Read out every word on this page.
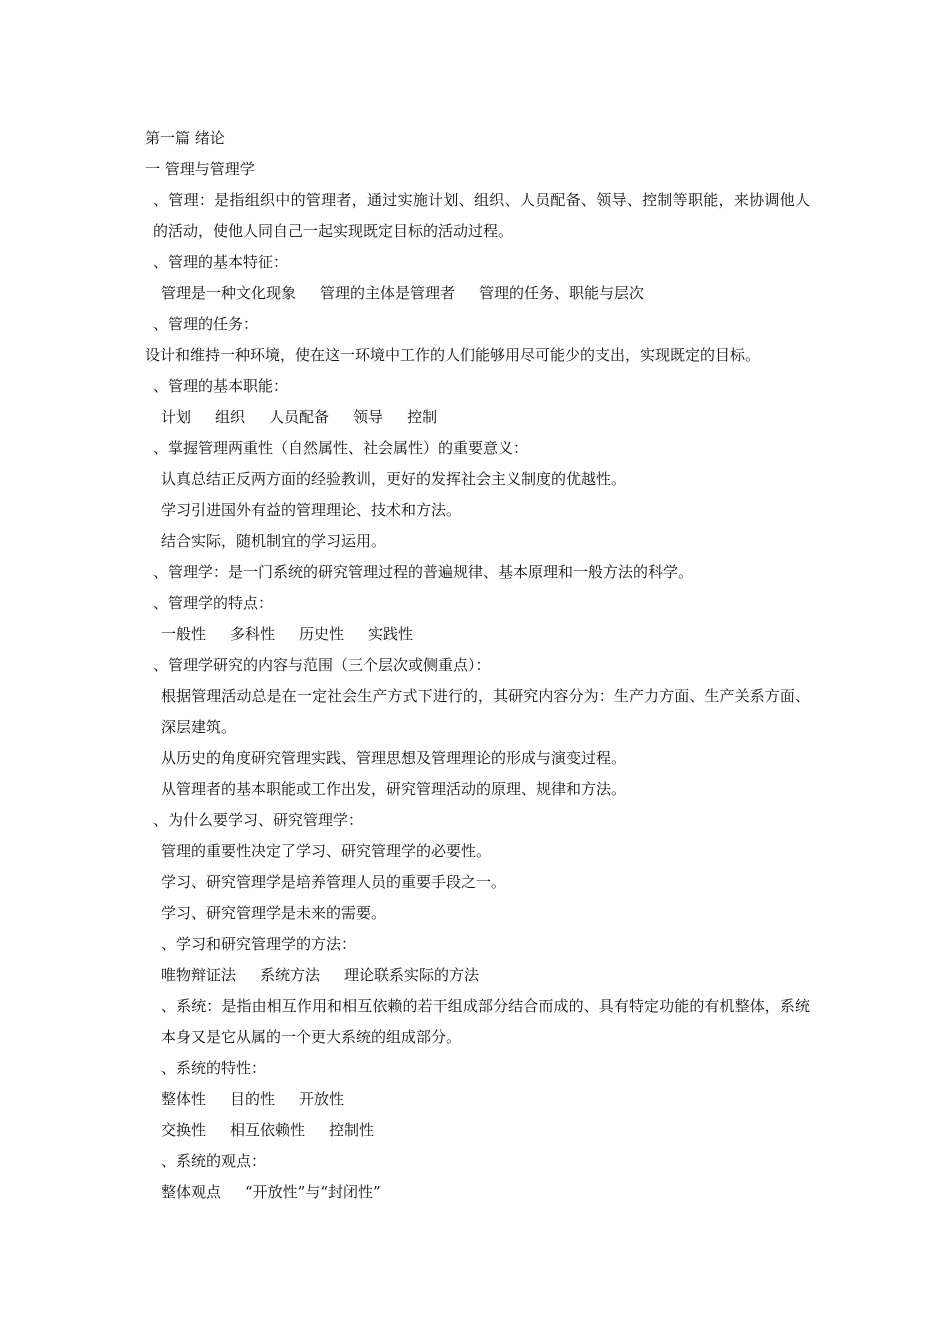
第一篇 绪论
一 管理与管理学
、管理：是指组织中的管理者，通过实施计划、组织、人员配备、领导、控制等职能，来协调他人的活动，使他人同自己一起实现既定目标的活动过程。
、管理的基本特征：
管理是一种文化现象 管理的主体是管理者 管理的任务、职能与层次
、管理的任务：
设计和维持一种环境，使在这一环境中工作的人们能够用尽可能少的支出，实现既定的目标。
、管理的基本职能：
计划 组织 人员配备 领导 控制
、掌握管理两重性（自然属性、社会属性）的重要意义：
认真总结正反两方面的经验教训，更好的发挥社会主义制度的优越性。
学习引进国外有益的管理理论、技术和方法。
结合实际，随机制宜的学习运用。
、管理学：是一门系统的研究管理过程的普遍规律、基本原理和一般方法的科学。
、管理学的特点：
一般性 多科性 历史性 实践性
、管理学研究的内容与范围（三个层次或侧重点）：
根据管理活动总是在一定社会生产方式下进行的，其研究内容分为：生产力方面、生产关系方面、深层建筑。
从历史的角度研究管理实践、管理思想及管理理论的形成与演变过程。
从管理者的基本职能或工作出发，研究管理活动的原理、规律和方法。
、为什么要学习、研究管理学：
管理的重要性决定了学习、研究管理学的必要性。
学习、研究管理学是培养管理人员的重要手段之一。
学习、研究管理学是未来的需要。
、学习和研究管理学的方法：
唯物辩证法 系统方法 理论联系实际的方法
、系统：是指由相互作用和相互依赖的若干组成部分结合而成的、具有特定功能的有机整体，系统本身又是它从属的一个更大系统的组成部分。
、系统的特性：
整体性 目的性 开放性
交换性 相互依赖性 控制性
、系统的观点：
整体观点 “开放性”与“封闭性”
